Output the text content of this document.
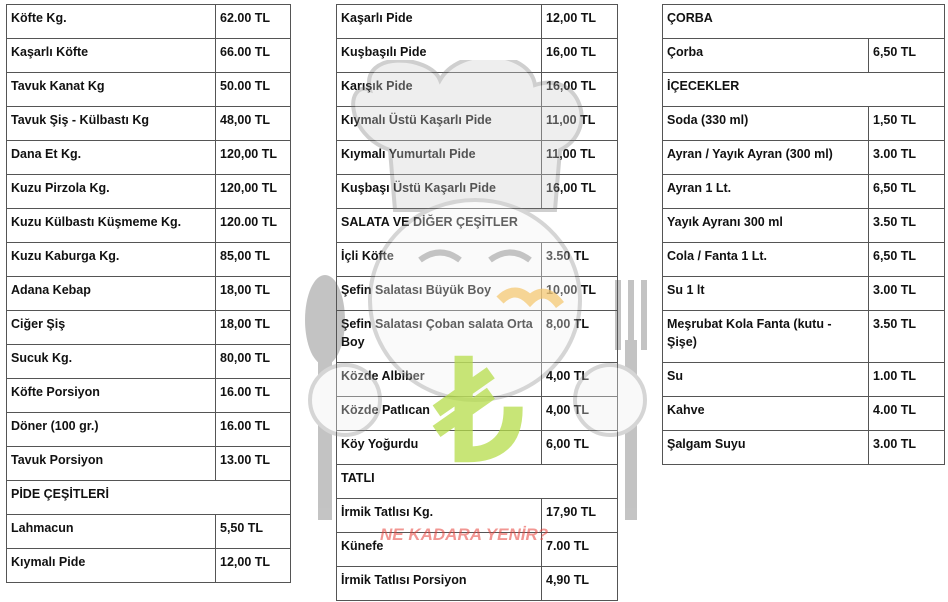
Köfte Kg.	62.00 TL
Kaşarlı Köfte	66.00 TL
Tavuk Kanat Kg	50.00 TL
Tavuk Şiş - Külbastı Kg	48,00 TL
Dana Et Kg.	120,00 TL
Kuzu Pirzola Kg.	120,00 TL
Kuzu Külbastı Küşmeme Kg.	120.00 TL
Kuzu Kaburga Kg.	85,00 TL
Adana Kebap	18,00 TL
Ciğer Şiş	18,00 TL
Sucuk Kg.	80,00 TL
Köfte Porsiyon	16.00 TL
Döner (100 gr.)	16.00 TL
Tavuk Porsiyon	13.00 TL
PİDE ÇEŞİTLERİ	
Lahmacun	5,50 TL
Kıymalı Pide	12,00 TL
Kaşarlı Pide	12,00 TL
Kuşbaşılı Pide	16,00 TL
Karışık Pide	16,00 TL
Kıymalı Üstü Kaşarlı Pide	11,00 TL
Kıymalı Yumurtalı Pide	11,00 TL
Kuşbaşı Üstü Kaşarlı Pide	16,00 TL
SALATA VE DİĞER ÇEŞİTLER	
İçli Köfte	3.50 TL
Şefin Salatası Büyük Boy	10,00 TL
Şefin Salatası Çoban salata Orta Boy	8,00 TL
Közde Albiber	4,00 TL
Közde Patlıcan	4,00 TL
Köy Yoğurdu	6,00 TL
TATLI	
İrmik Tatlısı Kg.	17,90 TL
Künefe	7.00 TL
İrmik Tatlısı Porsiyon	4,90 TL
ÇORBA	
Çorba	6,50 TL
İÇECEKLER	
Soda (330 ml)	1,50 TL
Ayran / Yayık Ayran (300 ml)	3.00 TL
Ayran 1 Lt.	6,50 TL
Yayık Ayranı 300 ml	3.50 TL
Cola / Fanta 1 Lt.	6,50 TL
Su 1 lt	3.00 TL
Meşrubat Kola Fanta (kutu - Şişe)	3.50 TL
Su	1.00 TL
Kahve	4.00 TL
Şalgam Suyu	3.00 TL
₺
NE KADARA YENİR?
